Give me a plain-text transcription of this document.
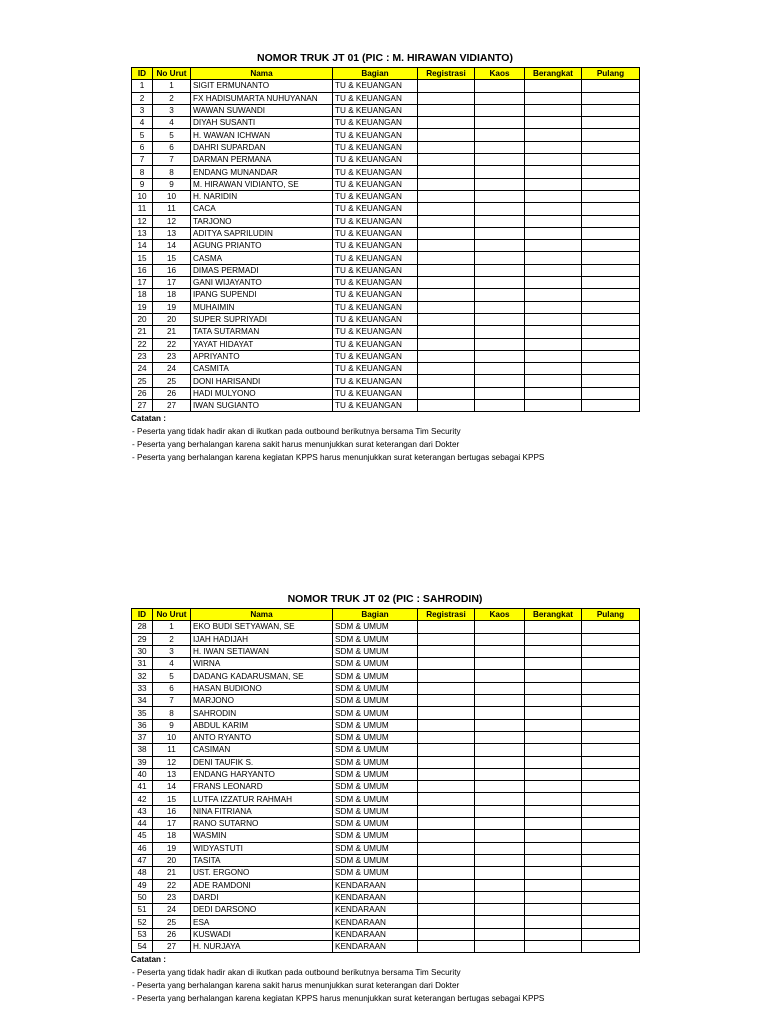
NOMOR TRUK JT 01 (PIC : M. HIRAWAN VIDIANTO)
ID	No Urut	Nama	Bagian	Registrasi	Kaos	Berangkat	Pulang
1	1	SIGIT ERMUNANTO	TU & KEUANGAN				
2	2	FX HADISUMARTA NUHUYANAN	TU & KEUANGAN				
3	3	WAWAN SUWANDI	TU & KEUANGAN				
4	4	DIYAH SUSANTI	TU & KEUANGAN				
5	5	H. WAWAN ICHWAN	TU & KEUANGAN				
6	6	DAHRI SUPARDAN	TU & KEUANGAN				
7	7	DARMAN PERMANA	TU & KEUANGAN				
8	8	ENDANG MUNANDAR	TU & KEUANGAN				
9	9	M. HIRAWAN VIDIANTO, SE	TU & KEUANGAN				
10	10	H. NARIDIN	TU & KEUANGAN				
11	11	CACA	TU & KEUANGAN				
12	12	TARJONO	TU & KEUANGAN				
13	13	ADITYA SAPRILUDIN	TU & KEUANGAN				
14	14	AGUNG PRIANTO	TU & KEUANGAN				
15	15	CASMA	TU & KEUANGAN				
16	16	DIMAS PERMADI	TU & KEUANGAN				
17	17	GANI WIJAYANTO	TU & KEUANGAN				
18	18	IPANG SUPENDI	TU & KEUANGAN				
19	19	MUHAIMIN	TU & KEUANGAN				
20	20	SUPER SUPRIYADI	TU & KEUANGAN				
21	21	TATA SUTARMAN	TU & KEUANGAN				
22	22	YAYAT HIDAYAT	TU & KEUANGAN				
23	23	APRIYANTO	TU & KEUANGAN				
24	24	CASMITA	TU & KEUANGAN				
25	25	DONI HARISANDI	TU & KEUANGAN				
26	26	HADI MULYONO	TU & KEUANGAN				
27	27	IWAN SUGIANTO	TU & KEUANGAN				
Catatan :
- Peserta yang tidak hadir akan di ikutkan pada outbound berikutnya bersama Tim Security
- Peserta yang berhalangan karena sakit harus menunjukkan surat keterangan dari Dokter
- Peserta yang berhalangan karena kegiatan KPPS harus menunjukkan surat keterangan bertugas sebagai KPPS
NOMOR TRUK JT 02 (PIC : SAHRODIN)
ID	No Urut	Nama	Bagian	Registrasi	Kaos	Berangkat	Pulang
28	1	EKO BUDI SETYAWAN, SE	SDM & UMUM				
29	2	IJAH HADIJAH	SDM & UMUM				
30	3	H. IWAN SETIAWAN	SDM & UMUM				
31	4	WIRNA	SDM & UMUM				
32	5	DADANG KADARUSMAN, SE	SDM & UMUM				
33	6	HASAN BUDIONO	SDM & UMUM				
34	7	MARJONO	SDM & UMUM				
35	8	SAHRODIN	SDM & UMUM				
36	9	ABDUL KARIM	SDM & UMUM				
37	10	ANTO RYANTO	SDM & UMUM				
38	11	CASIMAN	SDM & UMUM				
39	12	DENI TAUFIK S.	SDM & UMUM				
40	13	ENDANG HARYANTO	SDM & UMUM				
41	14	FRANS LEONARD	SDM & UMUM				
42	15	LUTFA IZZATUR RAHMAH	SDM & UMUM				
43	16	NINA FITRIANA	SDM & UMUM				
44	17	RANO SUTARNO	SDM & UMUM				
45	18	WASMIN	SDM & UMUM				
46	19	WIDYASTUTI	SDM & UMUM				
47	20	TASITA	SDM & UMUM				
48	21	UST. ERGONO	SDM & UMUM				
49	22	ADE RAMDONI	KENDARAAN				
50	23	DARDI	KENDARAAN				
51	24	DEDI DARSONO	KENDARAAN				
52	25	ESA	KENDARAAN				
53	26	KUSWADI	KENDARAAN				
54	27	H. NURJAYA	KENDARAAN				
Catatan :
- Peserta yang tidak hadir akan di ikutkan pada outbound berikutnya bersama Tim Security
- Peserta yang berhalangan karena sakit harus menunjukkan surat keterangan dari Dokter
- Peserta yang berhalangan karena kegiatan KPPS harus menunjukkan surat keterangan bertugas sebagai KPPS
